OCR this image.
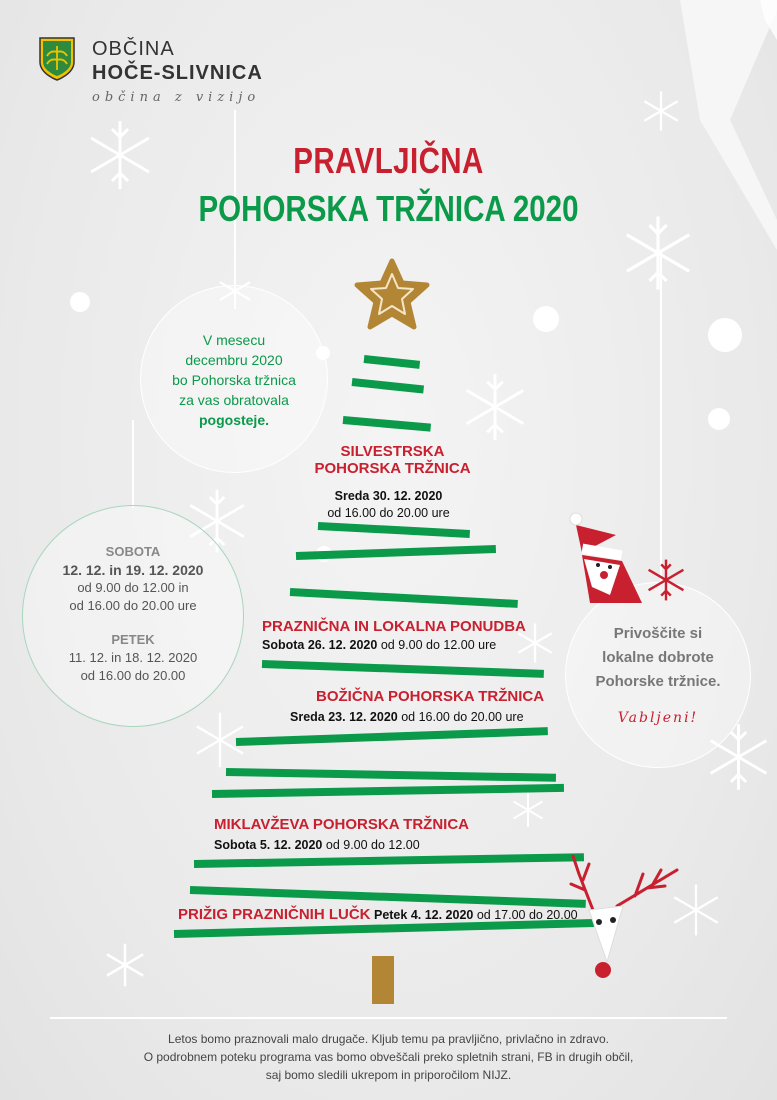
OBČINA
HOČE-SLIVNICA
občina z vizijo
PRAVLJIČNA
POHORSKA TRŽNICA 2020
V mesecu
decembru 2020
bo Pohorska tržnica
za vas obratovala
pogosteje.
SOBOTA
12. 12. in 19. 12. 2020
od 9.00 do 12.00 in
od 16.00 do 20.00 ure
PETEK
11. 12. in 18. 12. 2020
od 16.00 do 20.00
Privoščite si
lokalne dobrote
Pohorske tržnice.
Vabljeni!
SILVESTRSKA
POHORSKA TRŽNICA
Sreda 30. 12. 2020
od 16.00 do 20.00 ure
PRAZNIČNA IN LOKALNA PONUDBA
Sobota 26. 12. 2020 od 9.00 do 12.00 ure
BOŽIČNA POHORSKA TRŽNICA
Sreda 23. 12. 2020 od 16.00 do 20.00 ure
MIKLAVŽEVA POHORSKA TRŽNICA
Sobota 5. 12. 2020 od 9.00 do 12.00
PRIŽIG PRAZNIČNIH LUČK Petek 4. 12. 2020 od 17.00 do 20.00
Letos bomo praznovali malo drugače. Kljub temu pa pravljično, privlačno in zdravo.
O podrobnem poteku programa vas bomo obveščali preko spletnih strani, FB in drugih občil,
saj bomo sledili ukrepom in priporočilom NIJZ.
